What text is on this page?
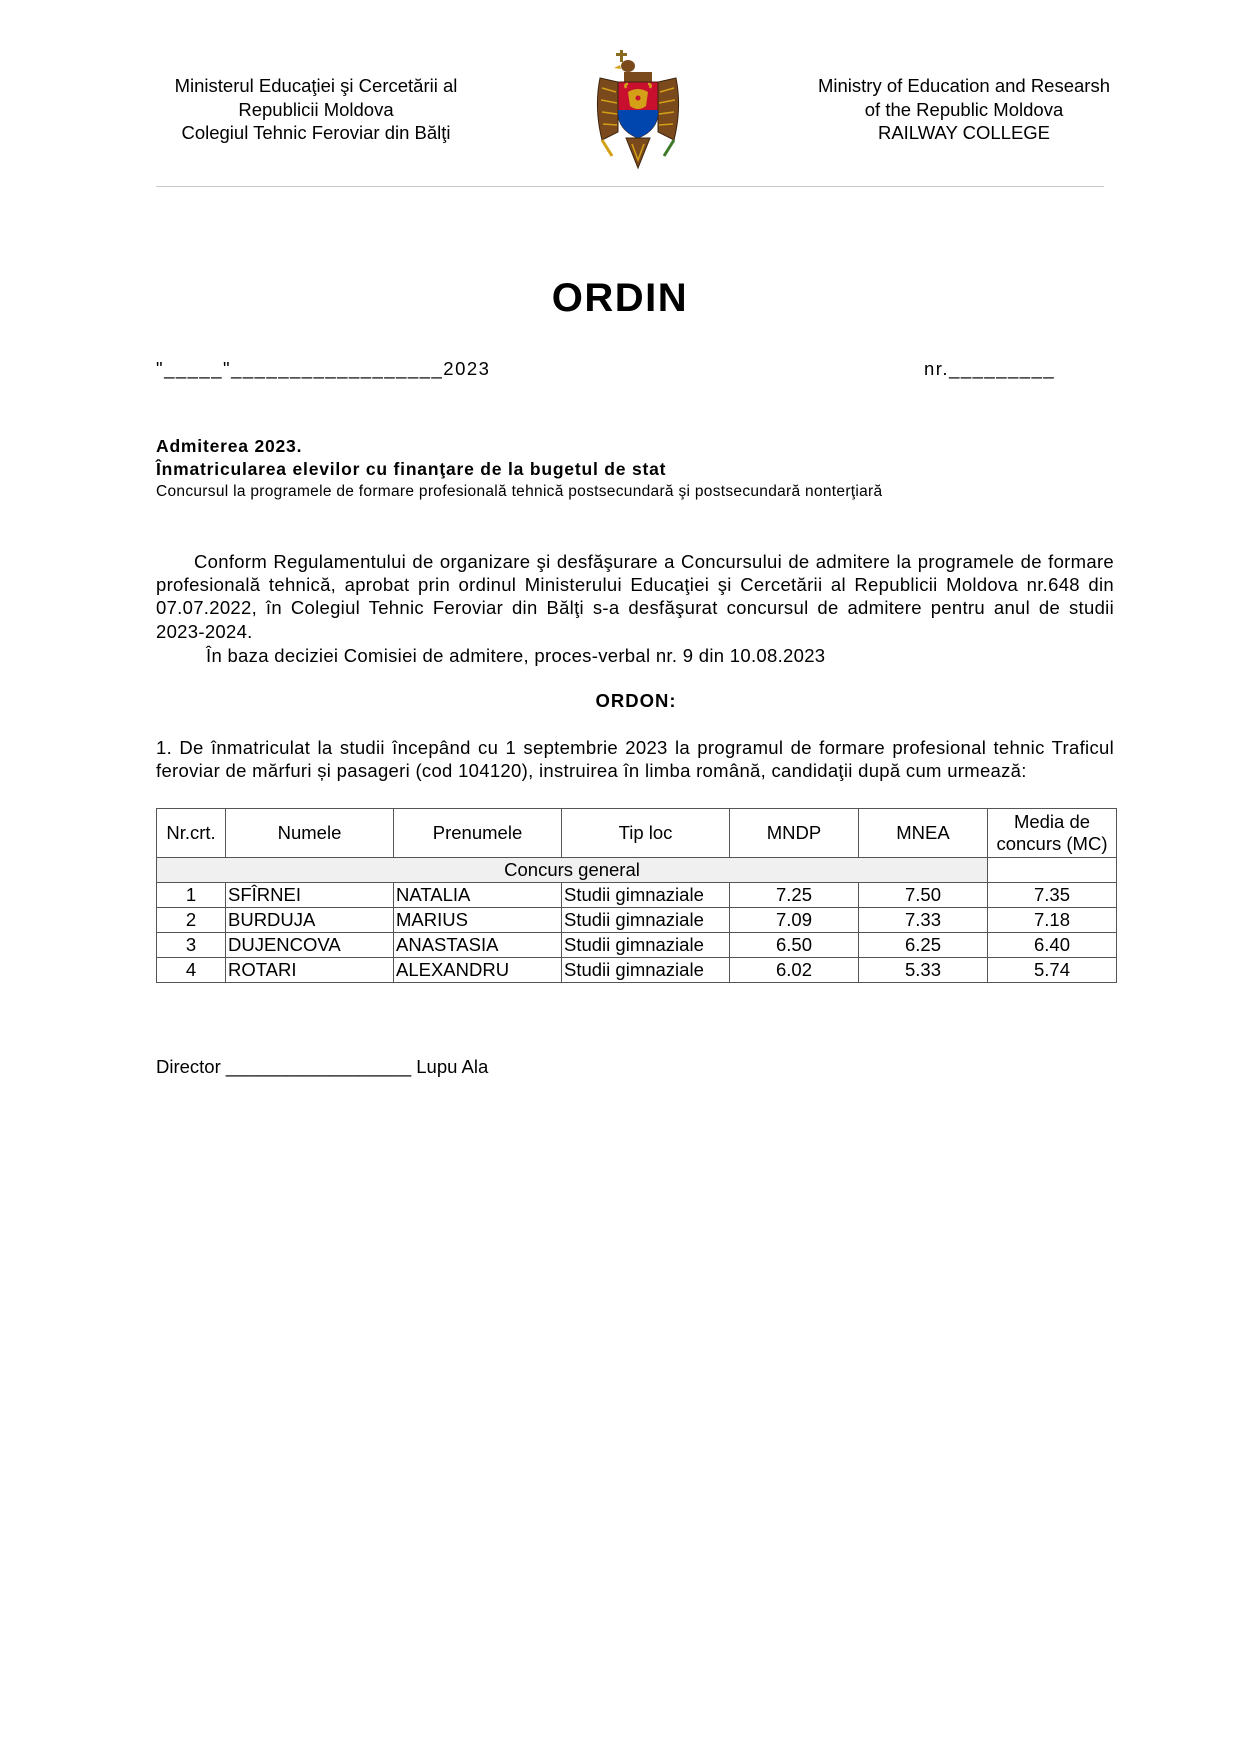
Ministerul Educaţiei şi Cercetării al
Republicii Moldova
Colegiul Tehnic Feroviar din Bălţi
Ministry of Education and Researsh
of the Republic Moldova
RAILWAY COLLEGE
ORDIN
"_____"__________________2023	nr._________
Admiterea 2023.
Înmatricularea elevilor cu finanţare de la bugetul de stat
Concursul la programele de formare profesională tehnică postsecundară şi postsecundară nonterţiară
Conform Regulamentului de organizare şi desfăşurare a Concursului de admitere la programele de formare profesională tehnică, aprobat prin ordinul Ministerului Educaţiei şi Cercetării al Republicii Moldova nr.648 din 07.07.2022, în Colegiul Tehnic Feroviar din Bălţi s-a desfăşurat concursul de admitere pentru anul de studii 2023-2024.
În baza deciziei Comisiei de admitere, proces-verbal nr. 9 din 10.08.2023
ORDON:
1. De înmatriculat la studii începând cu 1 septembrie 2023 la programul de formare profesional tehnic Traficul feroviar de mărfuri și pasageri (cod 104120), instruirea în limba română, candidaţii după cum urmează:
Nr.crt.	Numele	Prenumele	Tip loc	MNDP	MNEA	Media de concurs (MC)
Concurs general						
1	SFÎRNEI	NATALIA	Studii gimnaziale	7.25	7.50	7.35
2	BURDUJA	MARIUS	Studii gimnaziale	7.09	7.33	7.18
3	DUJENCOVA	ANASTASIA	Studii gimnaziale	6.50	6.25	6.40
4	ROTARI	ALEXANDRU	Studii gimnaziale	6.02	5.33	5.74
Director __________________ Lupu Ala
